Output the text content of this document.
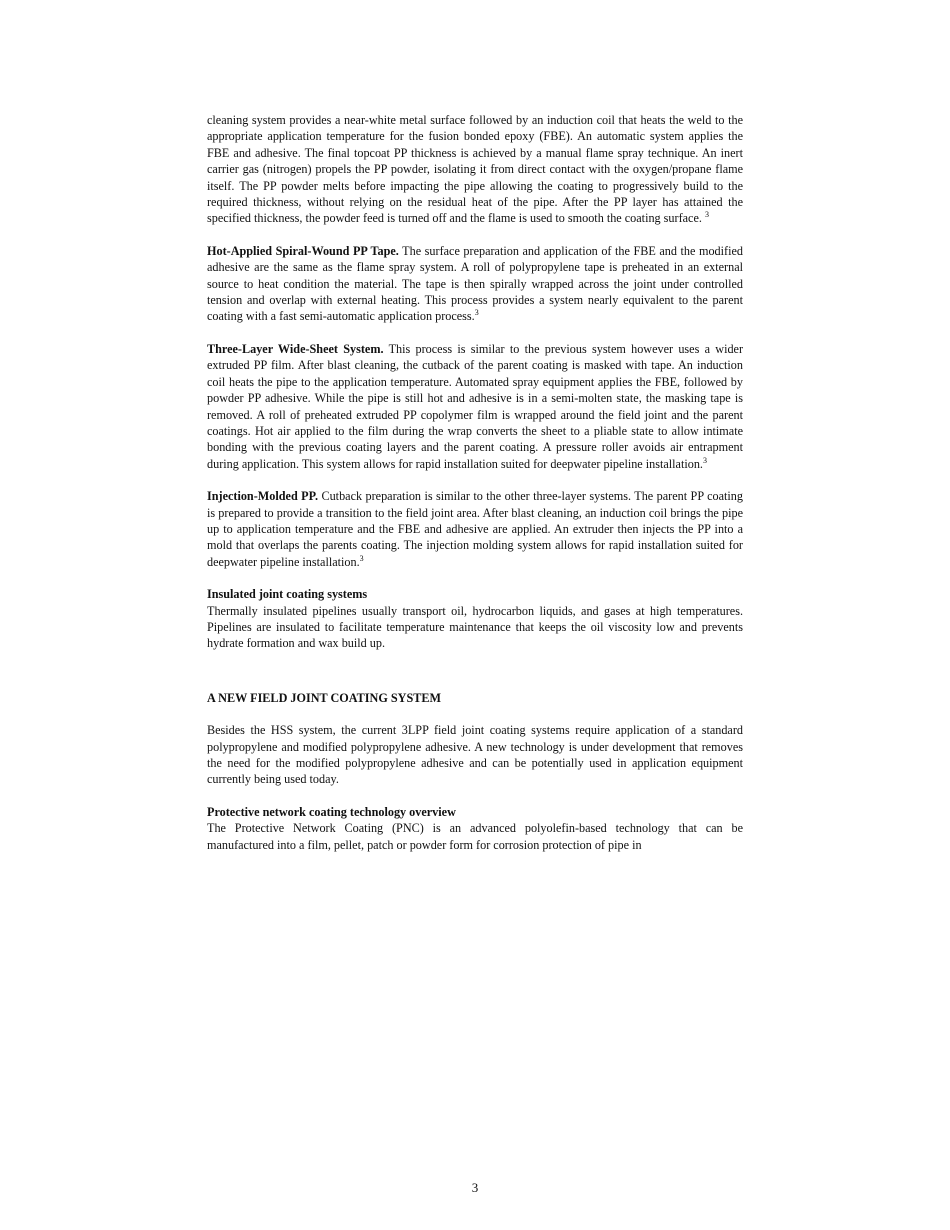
cleaning system provides a near-white metal surface followed by an induction coil that heats the weld to the appropriate application temperature for the fusion bonded epoxy (FBE). An automatic system applies the FBE and adhesive. The final topcoat PP thickness is achieved by a manual flame spray technique. An inert carrier gas (nitrogen) propels the PP powder, isolating it from direct contact with the oxygen/propane flame itself. The PP powder melts before impacting the pipe allowing the coating to progressively build to the required thickness, without relying on the residual heat of the pipe. After the PP layer has attained the specified thickness, the powder feed is turned off and the flame is used to smooth the coating surface. $^3$

Hot-Applied Spiral-Wound PP Tape. The surface preparation and application of the FBE and the modified adhesive are the same as the flame spray system. A roll of polypropylene tape is preheated in an external source to heat condition the material. The tape is then spirally wrapped across the joint under controlled tension and overlap with external heating. This process provides a system nearly equivalent to the parent coating with a fast semi-automatic application process.$^3$

Three-Layer Wide-Sheet System. This process is similar to the previous system however uses a wider extruded PP film. After blast cleaning, the cutback of the parent coating is masked with tape. An induction coil heats the pipe to the application temperature. Automated spray equipment applies the FBE, followed by powder PP adhesive. While the pipe is still hot and adhesive is in a semi-molten state, the masking tape is removed. A roll of preheated extruded PP copolymer film is wrapped around the field joint and the parent coatings. Hot air applied to the film during the wrap converts the sheet to a pliable state to allow intimate bonding with the previous coating layers and the parent coating. A pressure roller avoids air entrapment during application. This system allows for rapid installation suited for deepwater pipeline installation.$^3$

Injection-Molded PP. Cutback preparation is similar to the other three-layer systems. The parent PP coating is prepared to provide a transition to the field joint area. After blast cleaning, an induction coil brings the pipe up to application temperature and the FBE and adhesive are applied. An extruder then injects the PP into a mold that overlaps the parents coating. The injection molding system allows for rapid installation suited for deepwater pipeline installation.$^3$

Insulated joint coating systems

Thermally insulated pipelines usually transport oil, hydrocarbon liquids, and gases at high temperatures. Pipelines are insulated to facilitate temperature maintenance that keeps the oil viscosity low and prevents hydrate formation and wax build up.

A NEW FIELD JOINT COATING SYSTEM

Besides the HSS system, the current 3LPP field joint coating systems require application of a standard polypropylene and modified polypropylene adhesive. A new technology is under development that removes the need for the modified polypropylene adhesive and can be potentially used in application equipment currently being used today.

Protective network coating technology overview

The Protective Network Coating (PNC) is an advanced polyolefin-based technology that can be manufactured into a film, pellet, patch or powder form for corrosion protection of pipe in

3
